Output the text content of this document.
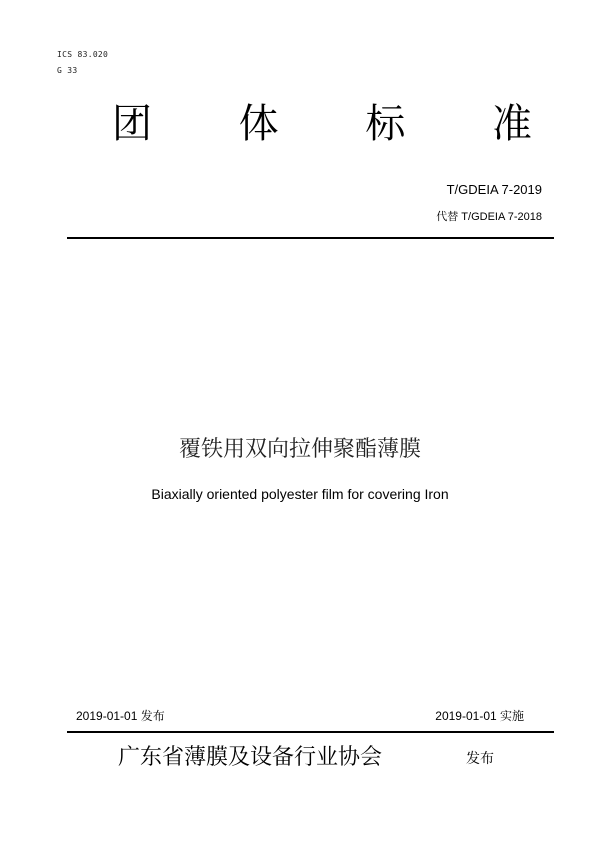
ICS 83.020
G 33
团 体 标 准
T/GDEIA 7-2019
代替 T/GDEIA 7-2018
覆铁用双向拉伸聚酯薄膜
Biaxially oriented polyester film for covering Iron
2019-01-01 发布	2019-01-01 实施
广东省薄膜及设备行业协会	发布
